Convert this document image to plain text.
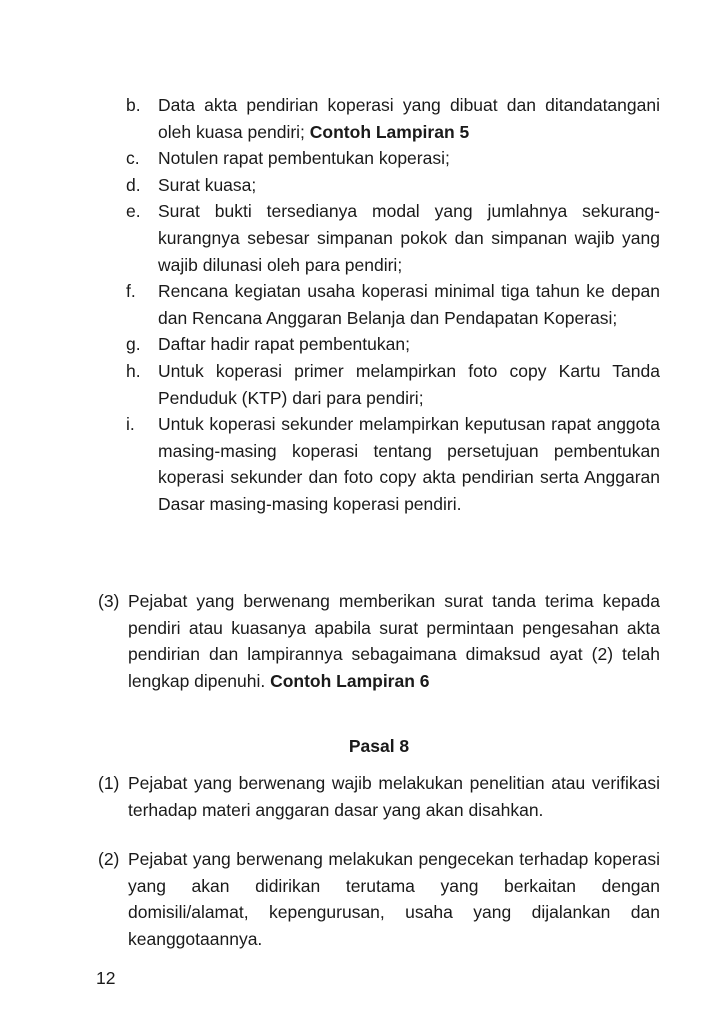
b. Data akta pendirian koperasi yang dibuat dan ditandatangani oleh kuasa pendiri; Contoh Lampiran 5
c. Notulen rapat pembentukan koperasi;
d. Surat kuasa;
e. Surat bukti tersedianya modal yang jumlahnya sekurang-kurangnya sebesar simpanan pokok dan simpanan wajib yang wajib dilunasi oleh para pendiri;
f. Rencana kegiatan usaha koperasi minimal tiga tahun ke depan dan Rencana Anggaran Belanja dan Pendapatan Koperasi;
g. Daftar hadir rapat pembentukan;
h. Untuk koperasi primer melampirkan foto copy Kartu Tanda Penduduk (KTP) dari para pendiri;
i. Untuk koperasi sekunder melampirkan keputusan rapat anggota masing-masing koperasi tentang persetujuan pembentukan koperasi sekunder dan foto copy akta pendirian serta Anggaran Dasar masing-masing koperasi pendiri.
(3) Pejabat yang berwenang memberikan surat tanda terima kepada pendiri atau kuasanya apabila surat permintaan pengesahan akta pendirian dan lampirannya sebagaimana dimaksud ayat (2) telah lengkap dipenuhi. Contoh Lampiran 6
Pasal 8
(1) Pejabat yang berwenang wajib melakukan penelitian atau verifikasi terhadap materi anggaran dasar yang akan disahkan.
(2) Pejabat yang berwenang melakukan pengecekan terhadap koperasi yang akan didirikan terutama yang berkaitan dengan domisili/alamat, kepengurusan, usaha yang dijalankan dan keanggotaannya.
12
